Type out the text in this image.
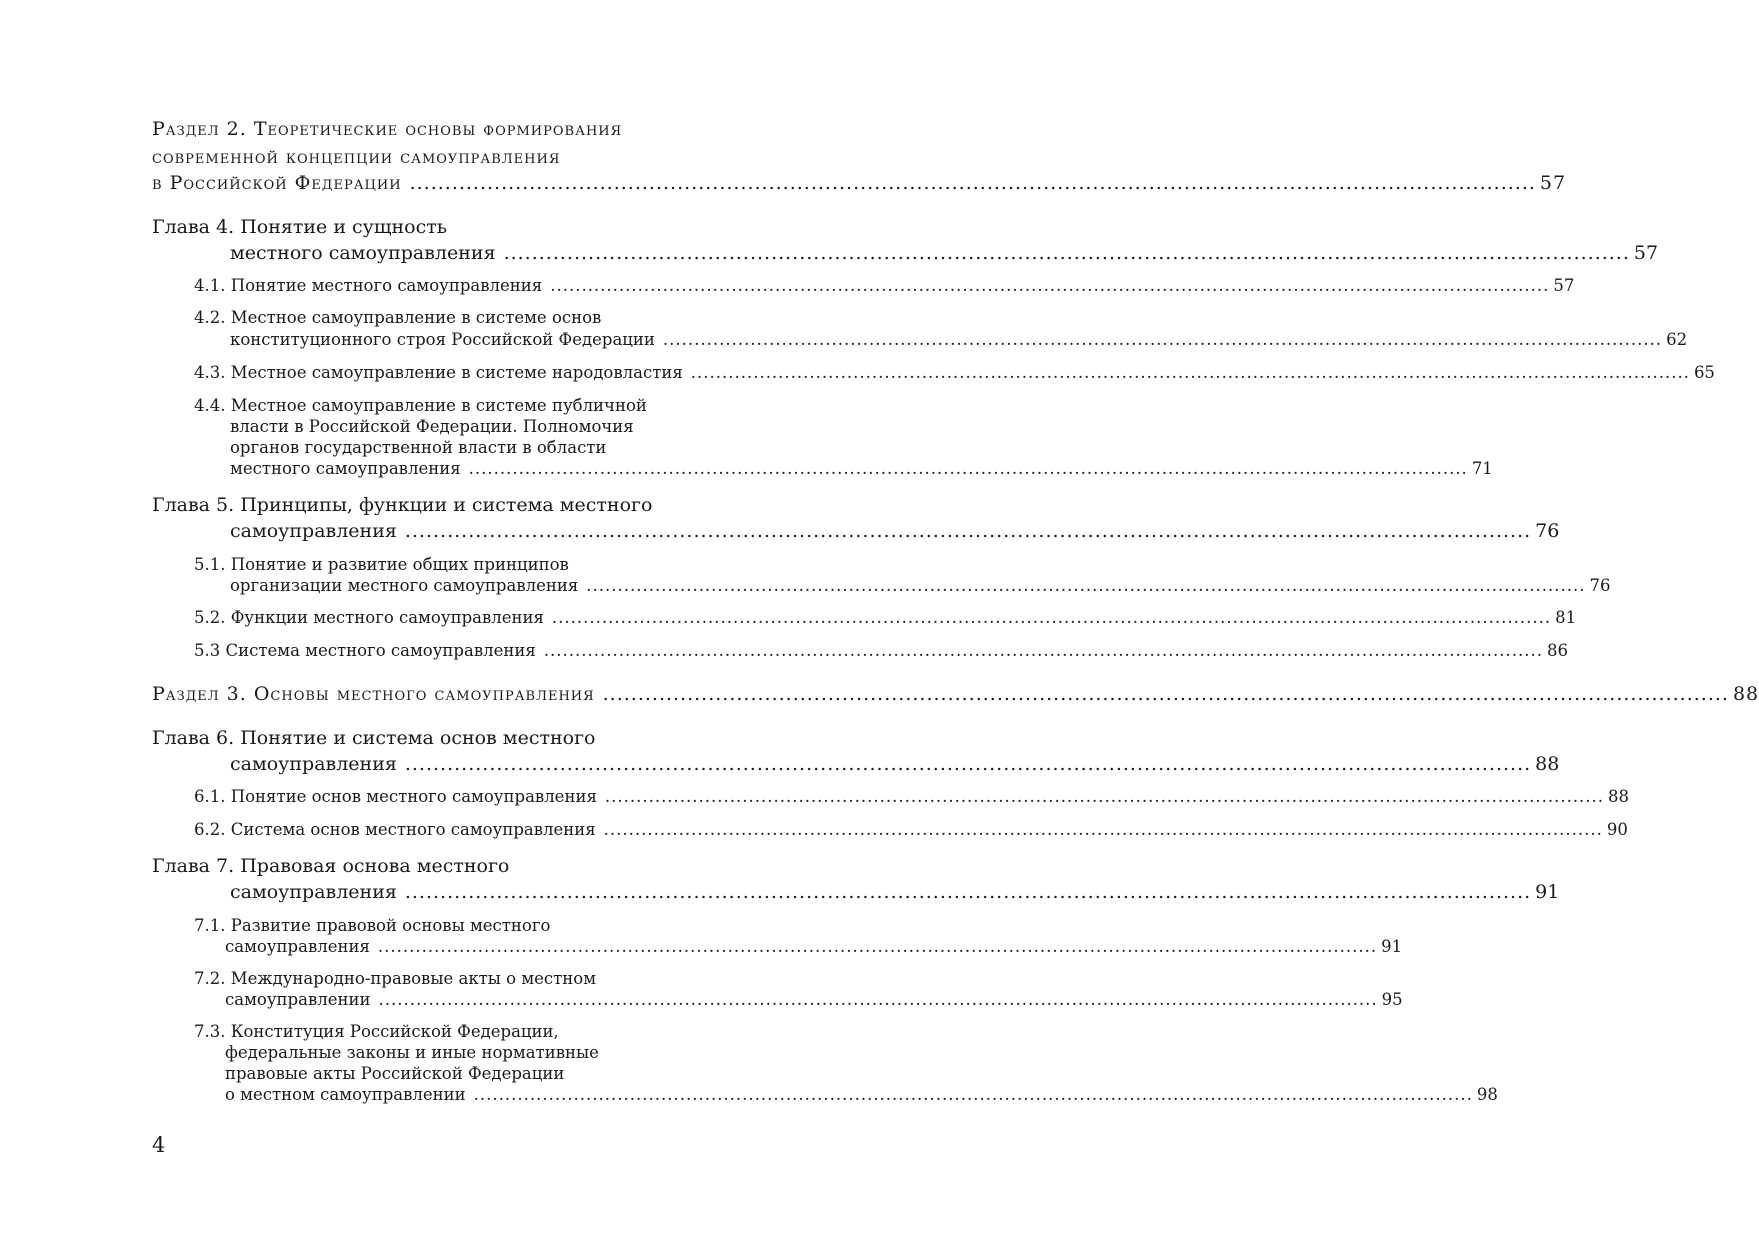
Раздел 2. Теоретические основы формирования
современной концепции самоуправления
в Российской Федерации ................................................................................................................................................................ 57
Глава 4. Понятие и сущность
местного самоуправления ................................................................................................................................................................ 57
4.1. Понятие местного самоуправления ................................................................................................................................................................ 57
4.2. Местное самоуправление в системе основ
конституционного строя Российской Федерации ................................................................................................................................................................ 62
4.3. Местное самоуправление в системе народовластия ................................................................................................................................................................ 65
4.4. Местное самоуправление в системе публичной
власти в Российской Федерации. Полномочия
органов государственной власти в области
местного самоуправления ................................................................................................................................................................ 71
Глава 5. Принципы, функции и система местного
самоуправления ................................................................................................................................................................ 76
5.1. Понятие и развитие общих принципов
организации местного самоуправления ................................................................................................................................................................ 76
5.2. Функции местного самоуправления ................................................................................................................................................................ 81
5.3 Система местного самоуправления ................................................................................................................................................................ 86
Раздел 3. Основы местного самоуправления ................................................................................................................................................................ 88
Глава 6. Понятие и система основ местного
самоуправления ................................................................................................................................................................ 88
6.1. Понятие основ местного самоуправления ................................................................................................................................................................ 88
6.2. Система основ местного самоуправления ................................................................................................................................................................ 90
Глава 7. Правовая основа местного
самоуправления ................................................................................................................................................................ 91
7.1. Развитие правовой основы местного
самоуправления ................................................................................................................................................................ 91
7.2. Международно-правовые акты о местном
самоуправлении ................................................................................................................................................................ 95
7.3. Конституция Российской Федерации,
федеральные законы и иные нормативные
правовые акты Российской Федерации
о местном самоуправлении ................................................................................................................................................................ 98
4
